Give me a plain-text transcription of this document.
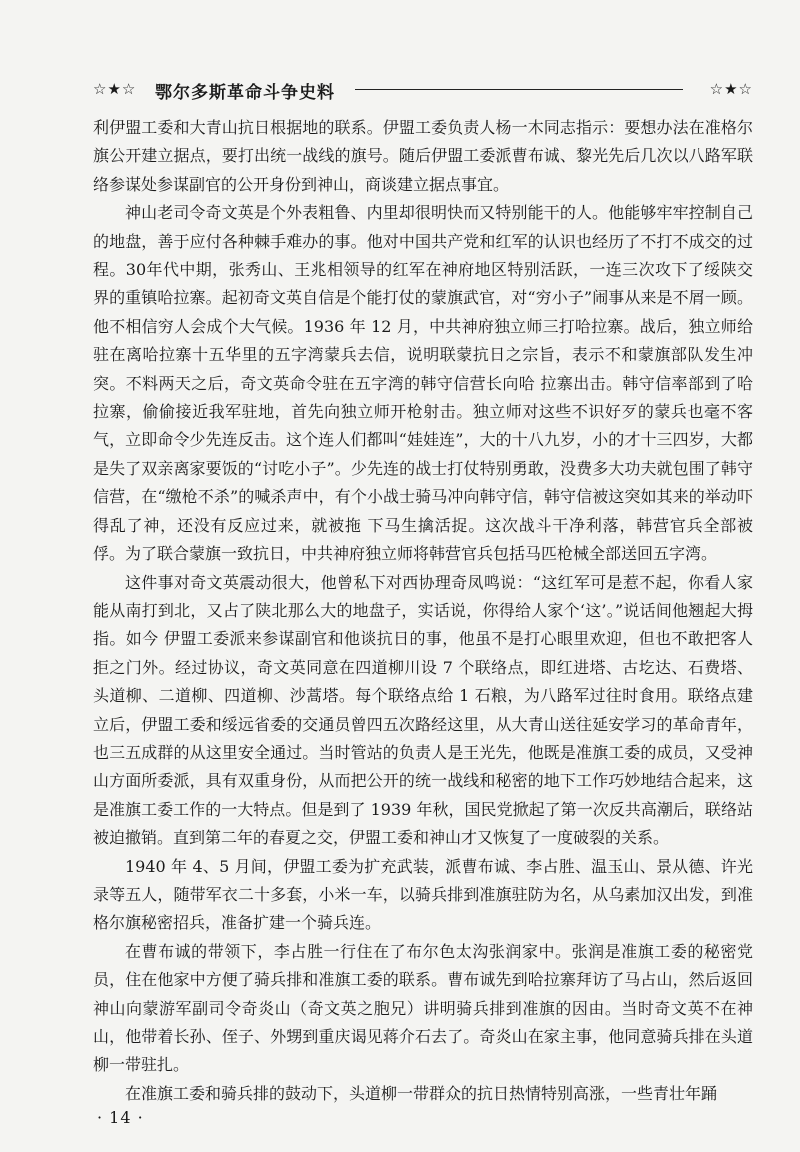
☆★☆ 鄂尔多斯革命斗争史料	☆★☆

利伊盟工委和大青山抗日根据地的联系。伊盟工委负责人杨一木同志指示：要想办法在准格尔旗公开建立据点，要打出统一战线的旗号。随后伊盟工委派曹布诚、黎光先后几次以八路军联络参谋处参谋副官的公开身份到神山，商谈建立据点事宜。

神山老司令奇文英是个外表粗鲁、内里却很明快而又特别能干的人。他能够牢牢控制自己的地盘，善于应付各种棘手难办的事。他对中国共产党和红军的认识也经历了不打不成交的过程。30年代中期，张秀山、王兆相领导的红军在神府地区特别活跃，一连三次攻下了绥陕交界的重镇哈拉寨。起初奇文英自信是个能打仗的蒙旗武官，对“穷小子”闹事从来是不屑一顾。他不相信穷人会成个大气候。1936 年 12 月，中共神府独立师三打哈拉寨。战后，独立师给驻在离哈拉寨十五华里的五字湾蒙兵去信，说明联蒙抗日之宗旨，表示不和蒙旗部队发生冲突。不料两天之后，奇文英命令驻在五字湾的韩守信营长向哈 拉寨出击。韩守信率部到了哈拉寨，偷偷接近我军驻地，首先向独立师开枪射击。独立师对这些不识好歹的蒙兵也毫不客气，立即命令少先连反击。这个连人们都叫“娃娃连”，大的十八九岁，小的才十三四岁，大都是失了双亲离家要饭的“讨吃小子”。少先连的战士打仗特别勇敢，没费多大功夫就包围了韩守信营，在“缴枪不杀”的喊杀声中，有个小战士骑马冲向韩守信，韩守信被这突如其来的举动吓得乱了神，还没有反应过来，就被拖 下马生擒活捉。这次战斗干净利落，韩营官兵全部被俘。为了联合蒙旗一致抗日，中共神府独立师将韩营官兵包括马匹枪械全部送回五字湾。

这件事对奇文英震动很大，他曾私下对西协理奇凤鸣说：“这红军可是惹不起，你看人家能从南打到北，又占了陕北那么大的地盘子，实话说，你得给人家个‘这’。”说话间他翘起大拇 指。如今 伊盟工委派来参谋副官和他谈抗日的事，他虽不是打心眼里欢迎，但也不敢把客人拒之门外。经过协议，奇文英同意在四道柳川设 7 个联络点，即红进塔、古圪达、石费塔、头道柳、二道柳、四道柳、沙蒿塔。每个联络点给 1 石粮，为八路军过往时食用。联络点建立后，伊盟工委和绥远省委的交通员曾四五次路经这里，从大青山送往延安学习的革命青年，也三五成群的从这里安全通过。当时管站的负责人是王光先，他既是准旗工委的成员，又受神山方面所委派，具有双重身份，从而把公开的统一战线和秘密的地下工作巧妙地结合起来，这是准旗工委工作的一大特点。但是到了 1939 年秋，国民党掀起了第一次反共高潮后，联络站被迫撤销。直到第二年的春夏之交，伊盟工委和神山才又恢复了一度破裂的关系。

1940 年 4、5 月间，伊盟工委为扩充武装，派曹布诚、李占胜、温玉山、景从德、许光录等五人，随带军衣二十多套，小米一车，以骑兵排到准旗驻防为名，从乌素加汉出发，到准格尔旗秘密招兵，准备扩建一个骑兵连。

在曹布诚的带领下，李占胜一行住在了布尔色太沟张润家中。张润是准旗工委的秘密党员，住在他家中方便了骑兵排和准旗工委的联系。曹布诚先到哈拉寨拜访了马占山，然后返回神山向蒙游军副司令奇炎山（奇文英之胞兄）讲明骑兵排到准旗的因由。当时奇文英不在神山，他带着长孙、侄子、外甥到重庆谒见蒋介石去了。奇炎山在家主事，他同意骑兵排在头道柳一带驻扎。

在准旗工委和骑兵排的鼓动下，头道柳一带群众的抗日热情特别高涨，一些青壮年踊

· 14 ·
